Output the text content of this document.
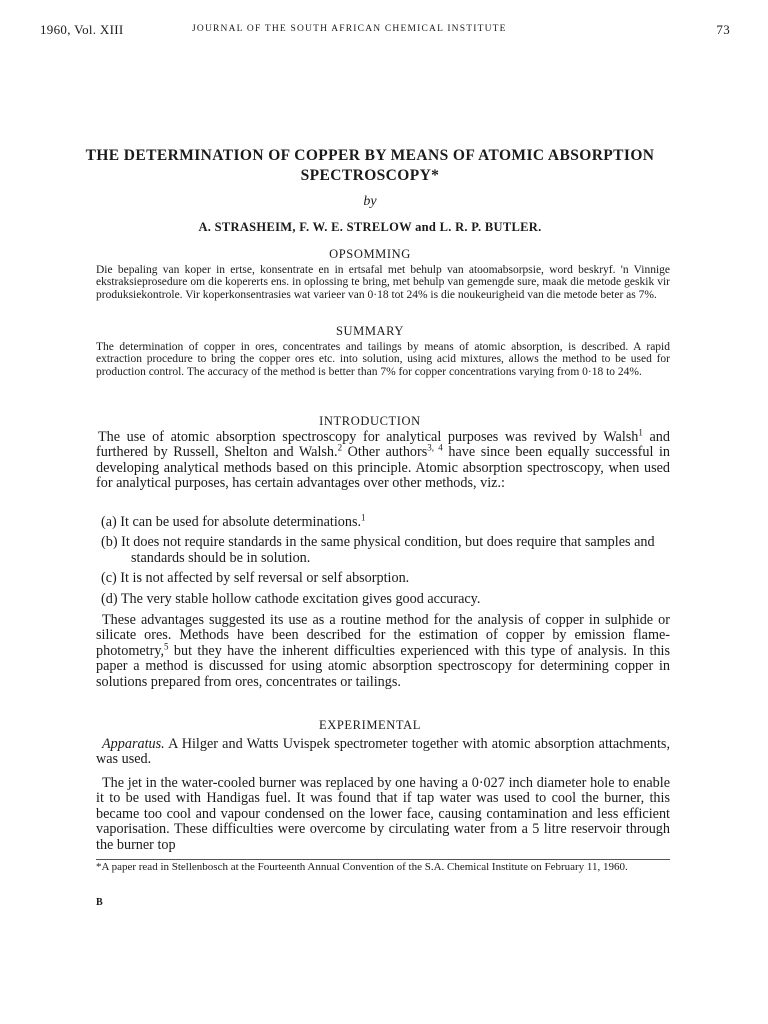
1960, Vol. XIII	JOURNAL OF THE SOUTH AFRICAN CHEMICAL INSTITUTE	73
THE DETERMINATION OF COPPER BY MEANS OF ATOMIC ABSORPTION SPECTROSCOPY*
by
A. STRASHEIM, F. W. E. STRELOW and L. R. P. BUTLER.
OPSOMMING
Die bepaling van koper in ertse, konsentrate en in ertsafal met behulp van atoomabsorpsie, word beskryf. 'n Vinnige ekstraksieprosedure om die kopererts ens. in oplossing te bring, met behulp van gemengde sure, maak die metode geskik vir produksiekontrole. Vir koperkonsentrasies wat varieer van 0·18 tot 24% is die noukeurigheid van die metode beter as 7%.
SUMMARY
The determination of copper in ores, concentrates and tailings by means of atomic absorption, is described. A rapid extraction procedure to bring the copper ores etc. into solution, using acid mixtures, allows the method to be used for production control. The accuracy of the method is better than 7% for copper concentrations varying from 0·18 to 24%.
INTRODUCTION

The use of atomic absorption spectroscopy for analytical purposes was revived by Walsh$^1$ and furthered by Russell, Shelton and Walsh.$^2$ Other authors$^{3, 4}$ have since been equally successful in developing analytical methods based on this principle. Atomic absorption spectroscopy, when used for analytical purposes, has certain advantages over other methods, viz.:

(a) It can be used for absolute determinations.$^1$
(b) It does not require standards in the same physical condition, but does require that samples and standards should be in solution.
(c) It is not affected by self reversal or self absorption.
(d) The very stable hollow cathode excitation gives good accuracy.

These advantages suggested its use as a routine method for the analysis of copper in sulphide or silicate ores. Methods have been described for the estimation of copper by emission flame-photometry,$^5$ but they have the inherent difficulties experienced with this type of analysis. In this paper a method is discussed for using atomic absorption spectroscopy for determining copper in solutions prepared from ores, concentrates or tailings.

EXPERIMENTAL

Apparatus. A Hilger and Watts Uvispek spectrometer together with atomic absorption attachments, was used.

The jet in the water-cooled burner was replaced by one having a 0·027 inch diameter hole to enable it to be used with Handigas fuel. It was found that if tap water was used to cool the burner, this became too cool and vapour condensed on the lower face, causing contamination and less efficient vaporisation. These difficulties were overcome by circulating water from a 5 litre reservoir through the burner top
*A paper read in Stellenbosch at the Fourteenth Annual Convention of the S.A. Chemical Institute on February 11, 1960.
B
